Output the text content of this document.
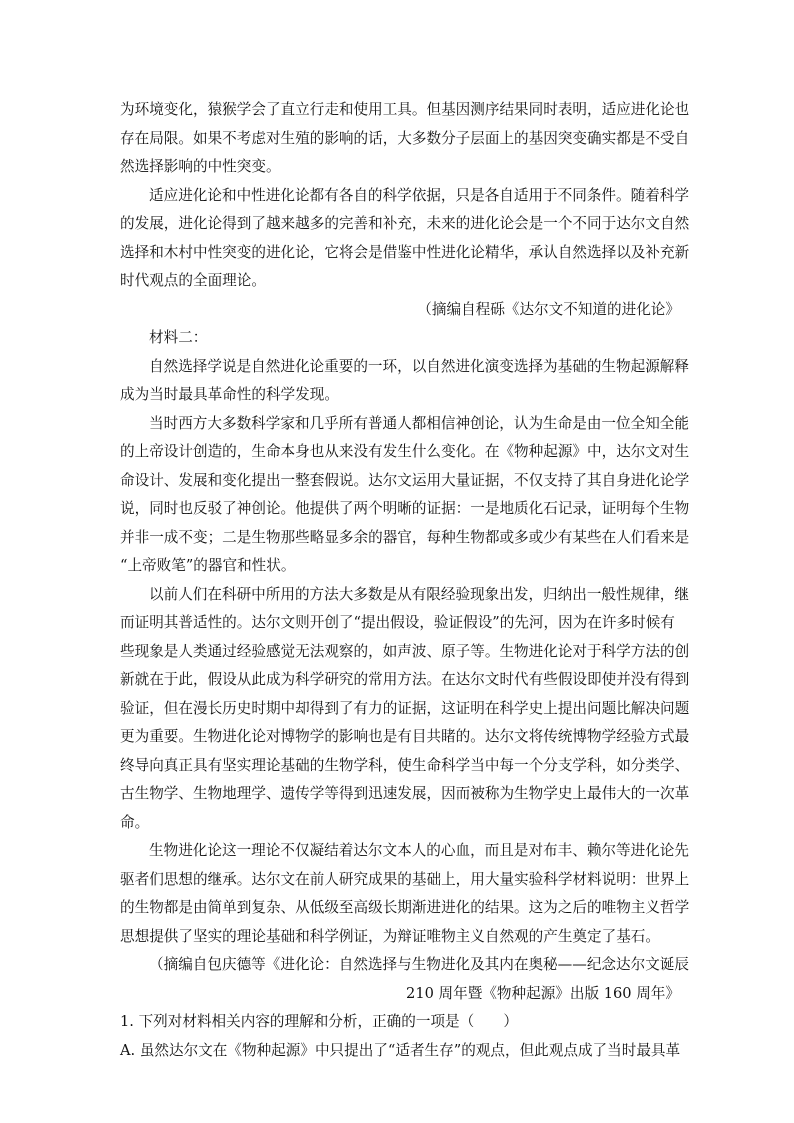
为环境变化，猿猴学会了直立行走和使用工具。但基因测序结果同时表明，适应进化论也
存在局限。如果不考虑对生殖的影响的话，大多数分子层面上的基因突变确实都是不受自
然选择影响的中性突变。
适应进化论和中性进化论都有各自的科学依据，只是各自适用于不同条件。随着科学
的发展，进化论得到了越来越多的完善和补充，未来的进化论会是一个不同于达尔文自然
选择和木村中性突变的进化论，它将会是借鉴中性进化论精华，承认自然选择以及补充新
时代观点的全面理论。
（摘编自程砾《达尔文不知道的进化论》
材料二：
自然选择学说是自然进化论重要的一环，以自然进化演变选择为基础的生物起源解释
成为当时最具革命性的科学发现。
当时西方大多数科学家和几乎所有普通人都相信神创论，认为生命是由一位全知全能
的上帝设计创造的，生命本身也从来没有发生什么变化。在《物种起源》中，达尔文对生
命设计、发展和变化提出一整套假说。达尔文运用大量证据，不仅支持了其自身进化论学
说，同时也反驳了神创论。他提供了两个明晰的证据：一是地质化石记录，证明每个生物
并非一成不变；二是生物那些略显多余的器官，每种生物都或多或少有某些在人们看来是
“上帝败笔”的器官和性状。
以前人们在科研中所用的方法大多数是从有限经验现象出发，归纳出一般性规律，继
而证明其普适性的。达尔文则开创了“提出假设，验证假设”的先河，因为在许多时候有
些现象是人类通过经验感觉无法观察的，如声波、原子等。生物进化论对于科学方法的创
新就在于此，假设从此成为科学研究的常用方法。在达尔文时代有些假设即使并没有得到
验证，但在漫长历史时期中却得到了有力的证据，这证明在科学史上提出问题比解决问题
更为重要。生物进化论对博物学的影响也是有目共睹的。达尔文将传统博物学经验方式最
终导向真正具有坚实理论基础的生物学科，使生命科学当中每一个分支学科，如分类学、
古生物学、生物地理学、遗传学等得到迅速发展，因而被称为生物学史上最伟大的一次革
命。
生物进化论这一理论不仅凝结着达尔文本人的心血，而且是对布丰、赖尔等进化论先
驱者们思想的继承。达尔文在前人研究成果的基础上，用大量实验科学材料说明：世界上
的生物都是由简单到复杂、从低级至高级长期渐进进化的结果。这为之后的唯物主义哲学
思想提供了坚实的理论基础和科学例证，为辩证唯物主义自然观的产生奠定了基石。
（摘编自包庆德等《进化论：自然选择与生物进化及其内在奥秘——纪念达尔文诞辰
210 周年暨《物种起源》出版 160 周年》
1. 下列对材料相关内容的理解和分析，正确的一项是（　　）
A. 虽然达尔文在《物种起源》中只提出了“适者生存”的观点，但此观点成了当时最具革
